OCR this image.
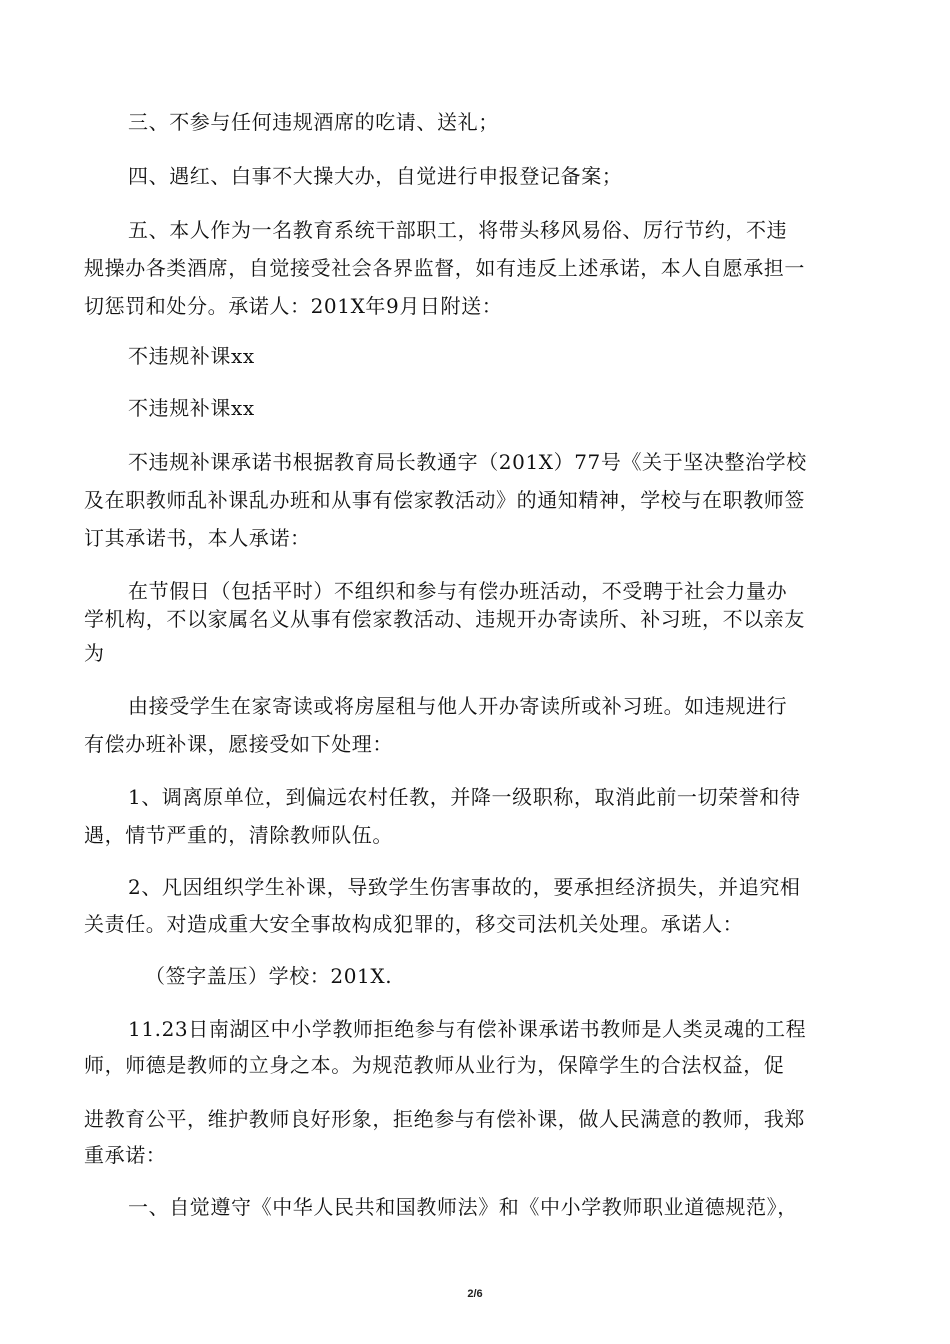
三、不参与任何违规酒席的吃请、送礼；
四、遇红、白事不大操大办，自觉进行申报登记备案；
五、本人作为一名教育系统干部职工，将带头移风易俗、厉行节约，不违
规操办各类酒席，自觉接受社会各界监督，如有违反上述承诺，本人自愿承担一
切惩罚和处分。承诺人：201X年9月日附送：
不违规补课xx
不违规补课xx
不违规补课承诺书根据教育局长教通字（201X）77号《关于坚决整治学校
及在职教师乱补课乱办班和从事有偿家教活动》的通知精神，学校与在职教师签
订其承诺书，本人承诺：
在节假日（包括平时）不组织和参与有偿办班活动，不受聘于社会力量办
学机构，不以家属名义从事有偿家教活动、违规开办寄读所、补习班，不以亲友
为
由接受学生在家寄读或将房屋租与他人开办寄读所或补习班。如违规进行
有偿办班补课，愿接受如下处理：
1、调离原单位，到偏远农村任教，并降一级职称，取消此前一切荣誉和待
遇，情节严重的，清除教师队伍。
2、凡因组织学生补课，导致学生伤害事故的，要承担经济损失，并追究相
关责任。对造成重大安全事故构成犯罪的，移交司法机关处理。承诺人：
（签字盖压）学校：201X.
11.23日南湖区中小学教师拒绝参与有偿补课承诺书教师是人类灵魂的工程
师，师德是教师的立身之本。为规范教师从业行为，保障学生的合法权益，促
进教育公平，维护教师良好形象，拒绝参与有偿补课，做人民满意的教师，我郑
重承诺：
一、自觉遵守《中华人民共和国教师法》和《中小学教师职业道德规范》，
2/6
